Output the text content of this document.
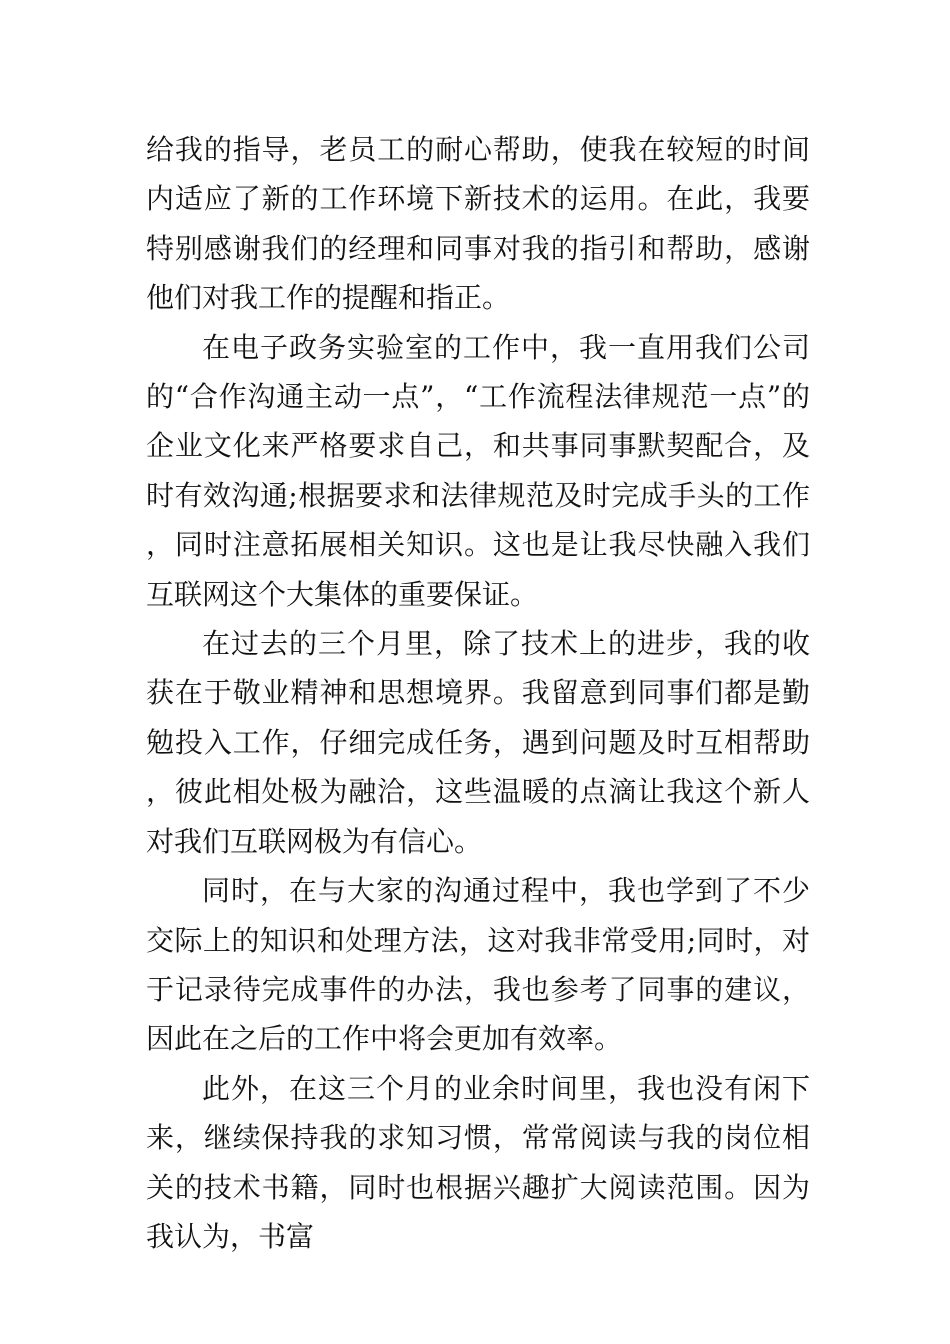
给我的指导，老员工的耐心帮助，使我在较短的时间内适应了新的工作环境下新技术的运用。在此，我要特别感谢我们的经理和同事对我的指引和帮助，感谢他们对我工作的提醒和指正。

在电子政务实验室的工作中，我一直用我们公司的“合作沟通主动一点”，“工作流程法律规范一点”的企业文化来严格要求自己，和共事同事默契配合，及时有效沟通;根据要求和法律规范及时完成手头的工作，同时注意拓展相关知识。这也是让我尽快融入我们互联网这个大集体的重要保证。

在过去的三个月里，除了技术上的进步，我的收获在于敬业精神和思想境界。我留意到同事们都是勤勉投入工作，仔细完成任务，遇到问题及时互相帮助，彼此相处极为融洽，这些温暖的点滴让我这个新人对我们互联网极为有信心。

同时，在与大家的沟通过程中，我也学到了不少交际上的知识和处理方法，这对我非常受用;同时，对于记录待完成事件的办法，我也参考了同事的建议，因此在之后的工作中将会更加有效率。

此外，在这三个月的业余时间里，我也没有闲下来，继续保持我的求知习惯，常常阅读与我的岗位相关的技术书籍，同时也根据兴趣扩大阅读范围。因为我认为，书富
